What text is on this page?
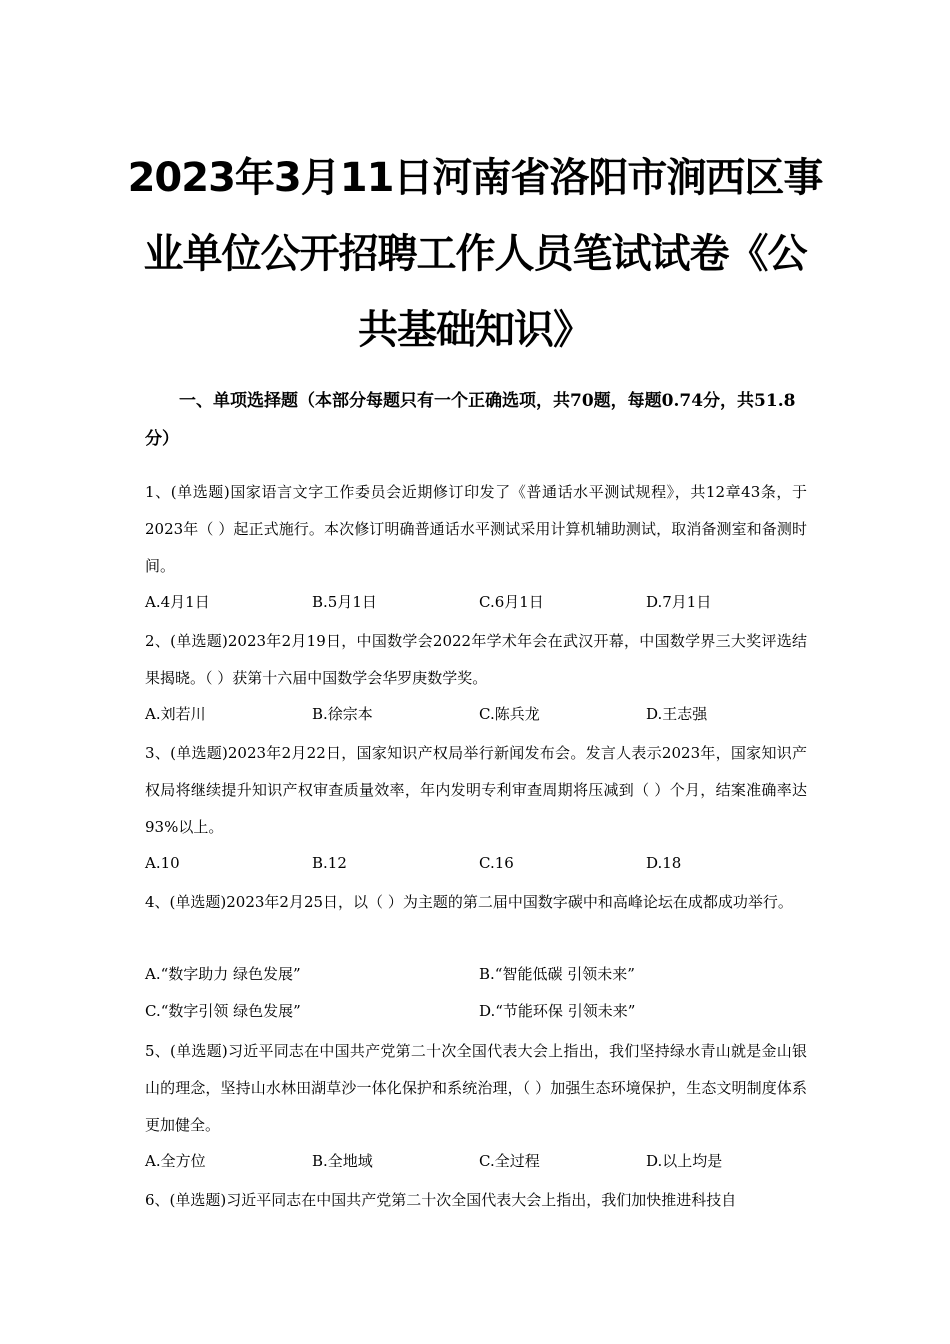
2023年3月11日河南省洛阳市涧西区事
业单位公开招聘工作人员笔试试卷《公
共基础知识》
一、单项选择题（本部分每题只有一个正确选项，共70题，每题0.74分，共51.8分）
1、(单选题)国家语言文字工作委员会近期修订印发了《普通话水平测试规程》，共12章43条，于2023年（ ）起正式施行。本次修订明确普通话水平测试采用计算机辅助测试，取消备测室和备测时间。
A.4月1日	B.5月1日	C.6月1日	D.7月1日
2、(单选题)2023年2月19日，中国数学会2022年学术年会在武汉开幕，中国数学界三大奖评选结果揭晓。（ ）获第十六届中国数学会华罗庚数学奖。
A.刘若川	B.徐宗本	C.陈兵龙	D.王志强
3、(单选题)2023年2月22日，国家知识产权局举行新闻发布会。发言人表示2023年，国家知识产权局将继续提升知识产权审查质量效率，年内发明专利审查周期将压减到（ ）个月，结案准确率达93%以上。
A.10	B.12	C.16	D.18
4、(单选题)2023年2月25日，以（ ）为主题的第二届中国数字碳中和高峰论坛在成都成功举行。
A.“数字助力 绿色发展”	B.“智能低碳 引领未来”
C.“数字引领 绿色发展”	D.“节能环保 引领未来”
5、(单选题)习近平同志在中国共产党第二十次全国代表大会上指出，我们坚持绿水青山就是金山银山的理念，坚持山水林田湖草沙一体化保护和系统治理，（ ）加强生态环境保护，生态文明制度体系更加健全。
A.全方位	B.全地域	C.全过程	D.以上均是
6、(单选题)习近平同志在中国共产党第二十次全国代表大会上指出，我们加快推进科技自
